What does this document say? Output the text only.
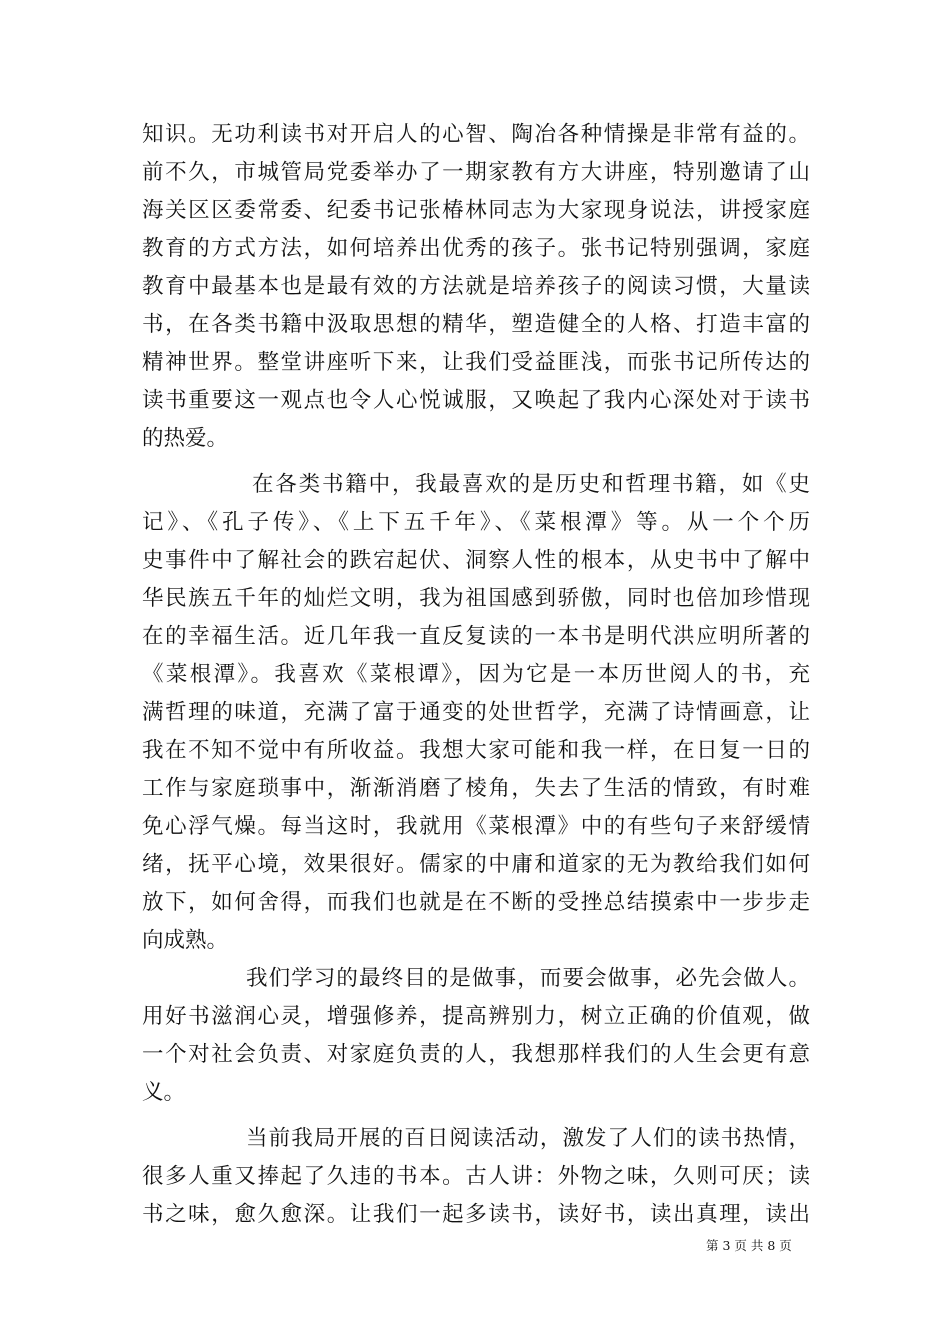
知识。无功利读书对开启人的心智、陶冶各种情操是非常有益的。
前不久，市城管局党委举办了一期家教有方大讲座，特别邀请了山
海关区区委常委、纪委书记张椿林同志为大家现身说法，讲授家庭
教育的方式方法，如何培养出优秀的孩子。张书记特别强调，家庭
教育中最基本也是最有效的方法就是培养孩子的阅读习惯，大量读
书，在各类书籍中汲取思想的精华，塑造健全的人格、打造丰富的
精神世界。整堂讲座听下来，让我们受益匪浅，而张书记所传达的
读书重要这一观点也令人心悦诚服，又唤起了我内心深处对于读书
的热爱。
在各类书籍中，我最喜欢的是历史和哲理书籍，如《史
记》、《孔子传》、《上下五千年》、《菜根潭》等。从一个个历
史事件中了解社会的跌宕起伏、洞察人性的根本，从史书中了解中
华民族五千年的灿烂文明，我为祖国感到骄傲，同时也倍加珍惜现
在的幸福生活。近几年我一直反复读的一本书是明代洪应明所著的
《菜根潭》。我喜欢《菜根谭》，因为它是一本历世阅人的书，充
满哲理的味道，充满了富于通变的处世哲学，充满了诗情画意，让
我在不知不觉中有所收益。我想大家可能和我一样，在日复一日的
工作与家庭琐事中，渐渐消磨了棱角，失去了生活的情致，有时难
免心浮气燥。每当这时，我就用《菜根潭》中的有些句子来舒缓情
绪，抚平心境，效果很好。儒家的中庸和道家的无为教给我们如何
放下，如何舍得，而我们也就是在不断的受挫总结摸索中一步步走
向成熟。
我们学习的最终目的是做事，而要会做事，必先会做人。
用好书滋润心灵，增强修养，提高辨别力，树立正确的价值观，做
一个对社会负责、对家庭负责的人，我想那样我们的人生会更有意
义。
当前我局开展的百日阅读活动，激发了人们的读书热情，
很多人重又捧起了久违的书本。古人讲：外物之味，久则可厌；读
书之味，愈久愈深。让我们一起多读书，读好书，读出真理，读出
第 3 页 共 8 页
